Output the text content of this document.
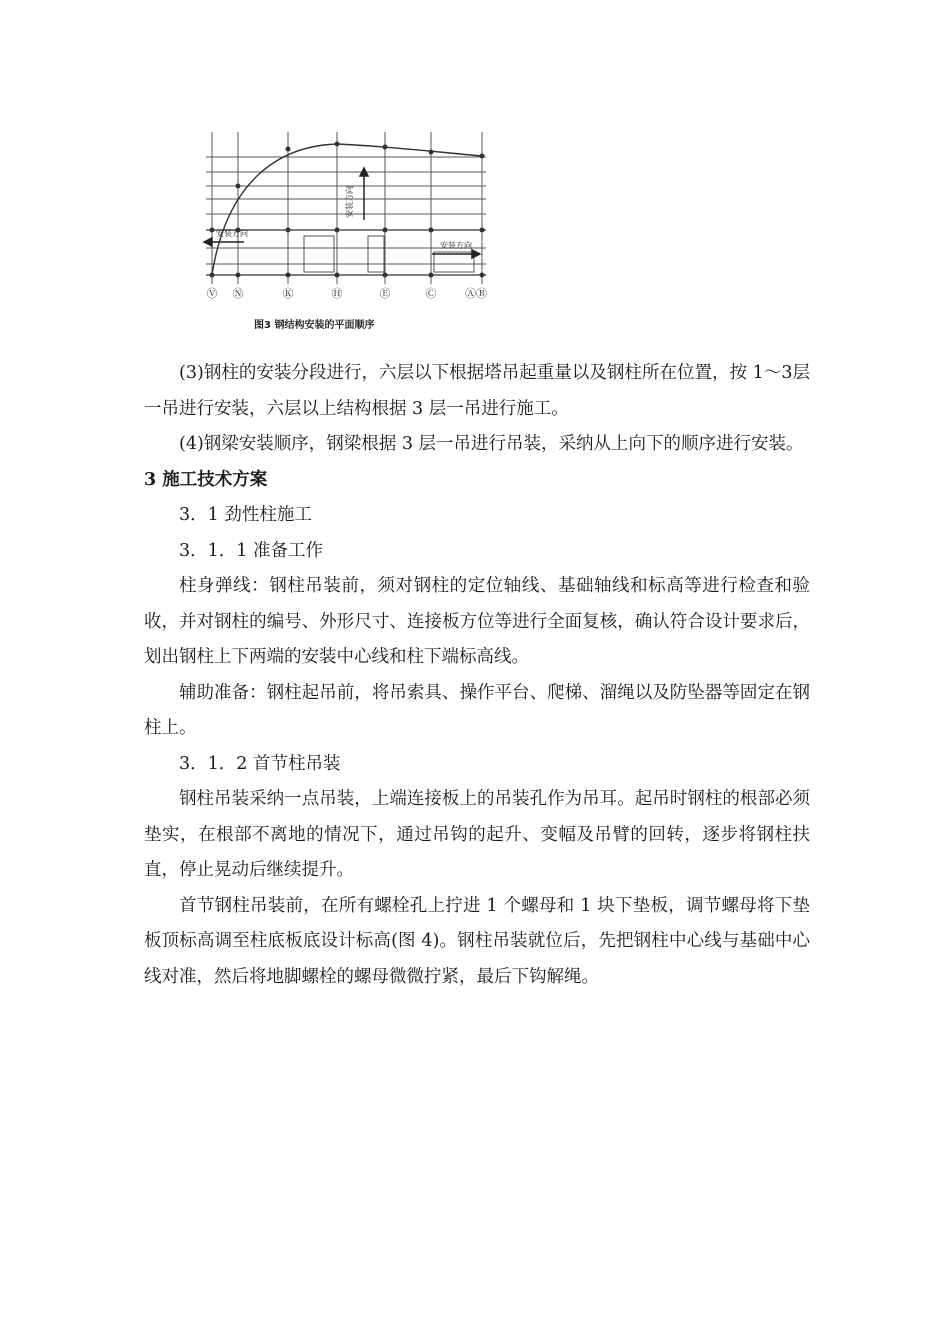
安装方向
安装方向
安装方向
Ⓥ Ⓝ	Ⓚ	Ⓗ	Ⓔ	Ⓒ	ⒶⒷ
图3 钢结构安装的平面顺序

(3)钢柱的安装分段进行，六层以下根据塔吊起重量以及钢柱所在位置，按 1～3层一吊进行安装，六层以上结构根据 3 层一吊进行施工。

(4)钢梁安装顺序，钢梁根据 3 层一吊进行吊装，采纳从上向下的顺序进行安装。

3 施工技术方案

3．1 劲性柱施工

3．1．1 准备工作

柱身弹线：钢柱吊装前，须对钢柱的定位轴线、基础轴线和标高等进行检查和验收，并对钢柱的编号、外形尺寸、连接板方位等进行全面复核，确认符合设计要求后，划出钢柱上下两端的安装中心线和柱下端标高线。

辅助准备：钢柱起吊前，将吊索具、操作平台、爬梯、溜绳以及防坠器等固定在钢柱上。

3．1．2 首节柱吊装

钢柱吊装采纳一点吊装，上端连接板上的吊装孔作为吊耳。起吊时钢柱的根部必须垫实，在根部不离地的情况下，通过吊钩的起升、变幅及吊臂的回转，逐步将钢柱扶直，停止晃动后继续提升。

首节钢柱吊装前，在所有螺栓孔上拧进 1 个螺母和 1 块下垫板，调节螺母将下垫板顶标高调至柱底板底设计标高(图 4)。钢柱吊装就位后，先把钢柱中心线与基础中心线对准，然后将地脚螺栓的螺母微微拧紧，最后下钩解绳。
